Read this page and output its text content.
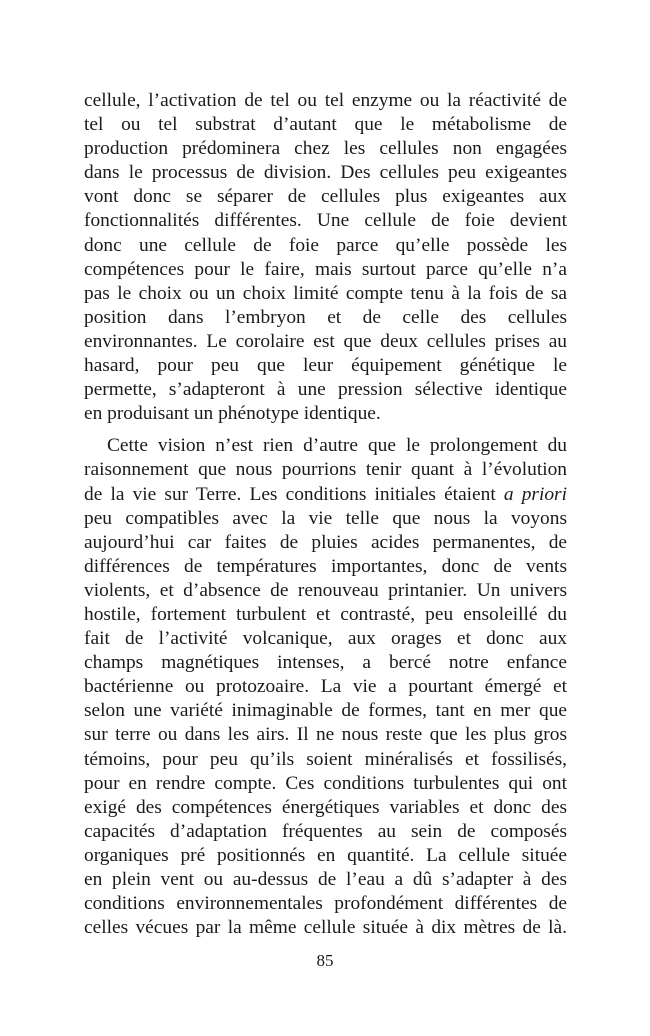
cellule, l’activation de tel ou tel enzyme ou la réactivité de
tel ou tel substrat d’autant que le métabolisme de
production prédominera chez les cellules non engagées
dans le processus de division. Des cellules peu exigeantes
vont donc se séparer de cellules plus exigeantes aux
fonctionnalités différentes. Une cellule de foie devient
donc une cellule de foie parce qu’elle possède les
compétences pour le faire, mais surtout parce qu’elle n’a
pas le choix ou un choix limité compte tenu à la fois de sa
position dans l’embryon et de celle des cellules
environnantes. Le corolaire est que deux cellules prises au
hasard, pour peu que leur équipement génétique le
permette, s’adapteront à une pression sélective identique
en produisant un phénotype identique.

Cette vision n’est rien d’autre que le prolongement du
raisonnement que nous pourrions tenir quant à l’évolution
de la vie sur Terre. Les conditions initiales étaient a priori
peu compatibles avec la vie telle que nous la voyons
aujourd’hui car faites de pluies acides permanentes, de
différences de températures importantes, donc de vents
violents, et d’absence de renouveau printanier. Un univers
hostile, fortement turbulent et contrasté, peu ensoleillé du
fait de l’activité volcanique, aux orages et donc aux
champs magnétiques intenses, a bercé notre enfance
bactérienne ou protozoaire. La vie a pourtant émergé et
selon une variété inimaginable de formes, tant en mer que
sur terre ou dans les airs. Il ne nous reste que les plus gros
témoins, pour peu qu’ils soient minéralisés et fossilisés,
pour en rendre compte. Ces conditions turbulentes qui ont
exigé des compétences énergétiques variables et donc des
capacités d’adaptation fréquentes au sein de composés
organiques pré positionnés en quantité. La cellule située
en plein vent ou au-dessus de l’eau a dû s’adapter à des
conditions environnementales profondément différentes de
celles vécues par la même cellule située à dix mètres de là.

85
